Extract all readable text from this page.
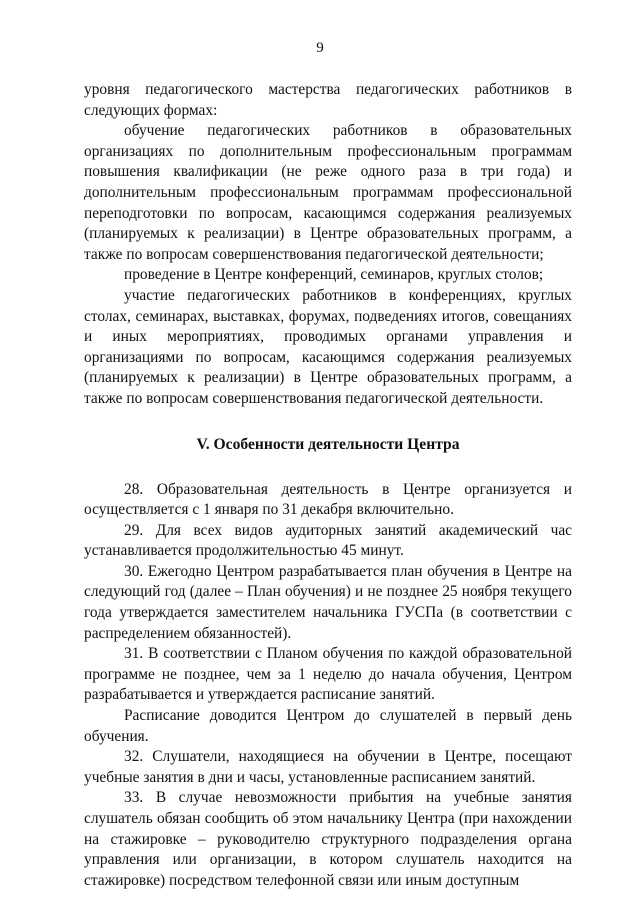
9

уровня педагогического мастерства педагогических работников в следующих формах:

обучение педагогических работников в образовательных организациях по дополнительным профессиональным программам повышения квалификации (не реже одного раза в три года) и дополнительным профессиональным программам профессиональной переподготовки по вопросам, касающимся содержания реализуемых (планируемых к реализации) в Центре образовательных программ, а также по вопросам совершенствования педагогической деятельности;

проведение в Центре конференций, семинаров, круглых столов;

участие педагогических работников в конференциях, круглых столах, семинарах, выставках, форумах, подведениях итогов, совещаниях и иных мероприятиях, проводимых органами управления и организациями по вопросам, касающимся содержания реализуемых (планируемых к реализации) в Центре образовательных программ, а также по вопросам совершенствования педагогической деятельности.

V. Особенности деятельности Центра

28. Образовательная деятельность в Центре организуется и осуществляется с 1 января по 31 декабря включительно.

29. Для всех видов аудиторных занятий академический час устанавливается продолжительностью 45 минут.

30. Ежегодно Центром разрабатывается план обучения в Центре на следующий год (далее – План обучения) и не позднее 25 ноября текущего года утверждается заместителем начальника ГУСПа (в соответствии с распределением обязанностей).

31. В соответствии с Планом обучения по каждой образовательной программе не позднее, чем за 1 неделю до начала обучения, Центром разрабатывается и утверждается расписание занятий.

Расписание доводится Центром до слушателей в первый день обучения.

32. Слушатели, находящиеся на обучении в Центре, посещают учебные занятия в дни и часы, установленные расписанием занятий.

33. В случае невозможности прибытия на учебные занятия слушатель обязан сообщить об этом начальнику Центра (при нахождении на стажировке – руководителю структурного подразделения органа управления или организации, в котором слушатель находится на стажировке) посредством телефонной связи или иным доступным
